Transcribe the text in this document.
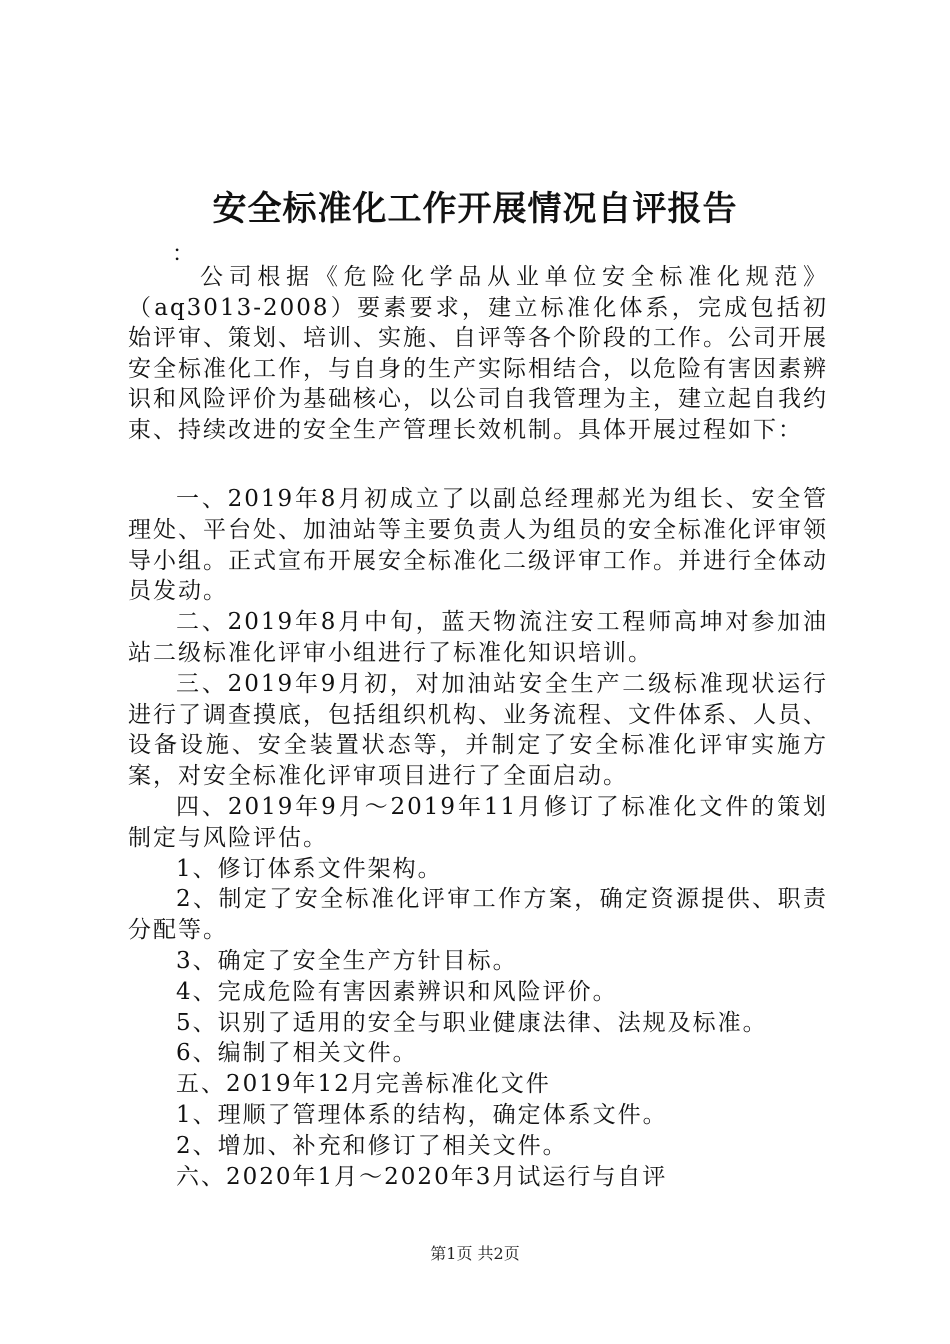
安全标准化工作开展情况自评报告
：

公司根据《危险化学品从业单位安全标准化规范》（aq3013-2008）要素要求，建立标准化体系，完成包括初始评审、策划、培训、实施、自评等各个阶段的工作。公司开展安全标准化工作，与自身的生产实际相结合，以危险有害因素辨识和风险评价为基础核心，以公司自我管理为主，建立起自我约束、持续改进的安全生产管理长效机制。具体开展过程如下：

一、2019年8月初成立了以副总经理郝光为组长、安全管理处、平台处、加油站等主要负责人为组员的安全标准化评审领导小组。正式宣布开展安全标准化二级评审工作。并进行全体动员发动。

二、2019年8月中旬，蓝天物流注安工程师高坤对参加油站二级标准化评审小组进行了标准化知识培训。

三、2019年9月初，对加油站安全生产二级标准现状运行进行了调查摸底，包括组织机构、业务流程、文件体系、人员、设备设施、安全装置状态等，并制定了安全标准化评审实施方案，对安全标准化评审项目进行了全面启动。

四、2019年9月～2019年11月修订了标准化文件的策划制定与风险评估。

1、修订体系文件架构。

2、制定了安全标准化评审工作方案，确定资源提供、职责分配等。

3、确定了安全生产方针目标。

4、完成危险有害因素辨识和风险评价。

5、识别了适用的安全与职业健康法律、法规及标准。

6、编制了相关文件。

五、2019年12月完善标准化文件

1、理顺了管理体系的结构，确定体系文件。

2、增加、补充和修订了相关文件。

六、2020年1月～2020年3月试运行与自评

第1页 共2页
